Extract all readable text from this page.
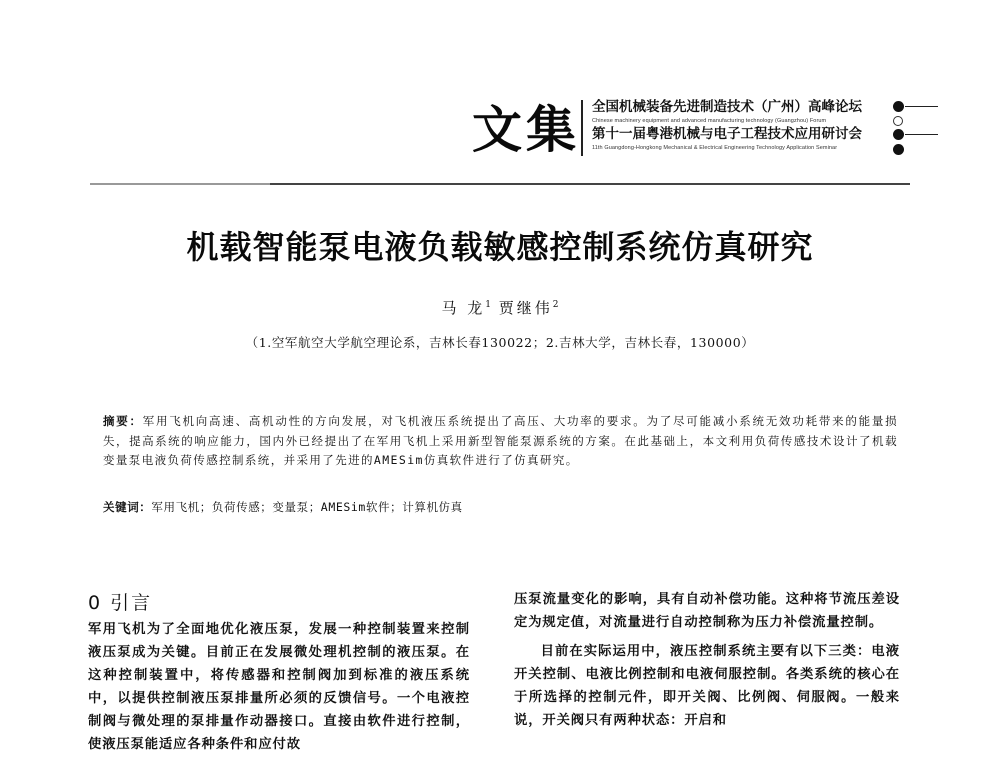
文集 全国机械装备先进制造技术（广州）高峰论坛
Chinese machinery equipment and advanced manufacturing technology (Guangzhou) Forum
第十一届粤港机械与电子工程技术应用研讨会
11th Guangdong-Hongkong Mechanical & Electrical Engineering Technology Application Seminar
机载智能泵电液负载敏感控制系统仿真研究
马 龙$^1$ 贾继伟$^2$
（1.空军航空大学航空理论系，吉林长春130022；2.吉林大学，吉林长春，130000）
摘要：军用飞机向高速、高机动性的方向发展，对飞机液压系统提出了高压、大功率的要求。为了尽可能减小系统无效功耗带来的能量损失，提高系统的响应能力，国内外已经提出了在军用飞机上采用新型智能泵源系统的方案。在此基础上，本文利用负荷传感技术设计了机载变量泵电液负荷传感控制系统，并采用了先进的AMESim仿真软件进行了仿真研究。
关键词：军用飞机；负荷传感；变量泵；AMESim软件；计算机仿真
0 引言
军用飞机为了全面地优化液压泵，发展一种控制装置来控制液压泵成为关键。目前正在发展微处理机控制的液压泵。在这种控制装置中，将传感器和控制阀加到标准的液压系统中，以提供控制液压泵排量所必须的反馈信号。一个电液控制阀与微处理的泵排量作动器接口。直接由软件进行控制，使液压泵能适应各种条件和应付故
压泵流量变化的影响，具有自动补偿功能。这种将节流压差设定为规定值，对流量进行自动控制称为压力补偿流量控制。
目前在实际运用中，液压控制系统主要有以下三类：电液开关控制、电液比例控制和电液伺服控制。各类系统的核心在于所选择的控制元件，即开关阀、比例阀、伺服阀。一般来说，开关阀只有两种状态：开启和
